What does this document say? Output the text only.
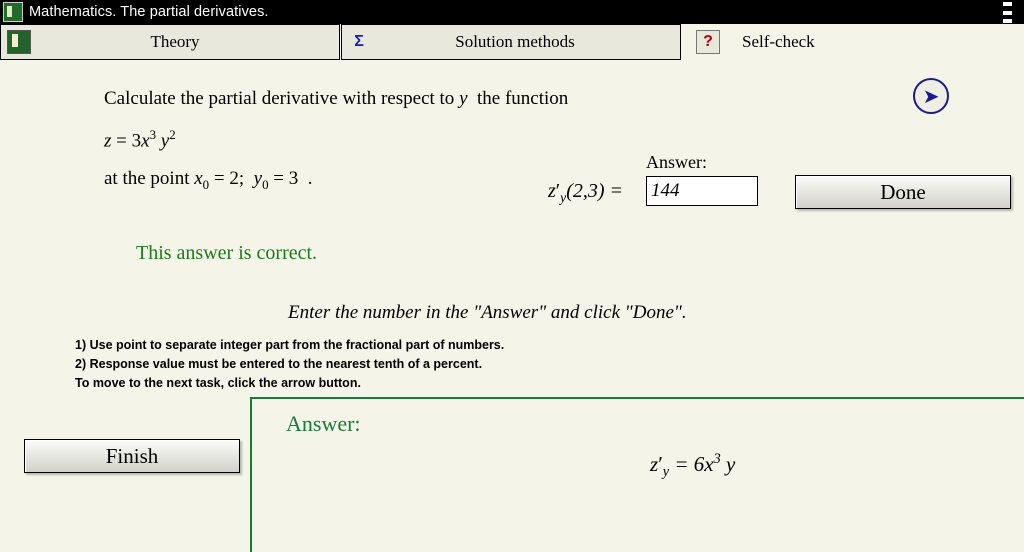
Mathematics. The partial derivatives.
Theory	Σ	Solution methods	?	Self-check
Calculate the partial derivative with respect to y the function
$z = 3x^3$ $y^2$
at the point $x_0 = 2$; $y_0 = 3$ .
➤
Answer:
$z'_y(2,3)$ =
144	Done
This answer is correct.
Enter the number in the "Answer" and click "Done".
1) Use point to separate integer part from the fractional part of numbers.
2) Response value must be entered to the nearest tenth of a percent.
To move to the next task, click the arrow button.
Finish
Answer:
$z'_y = 6x^3$ y
